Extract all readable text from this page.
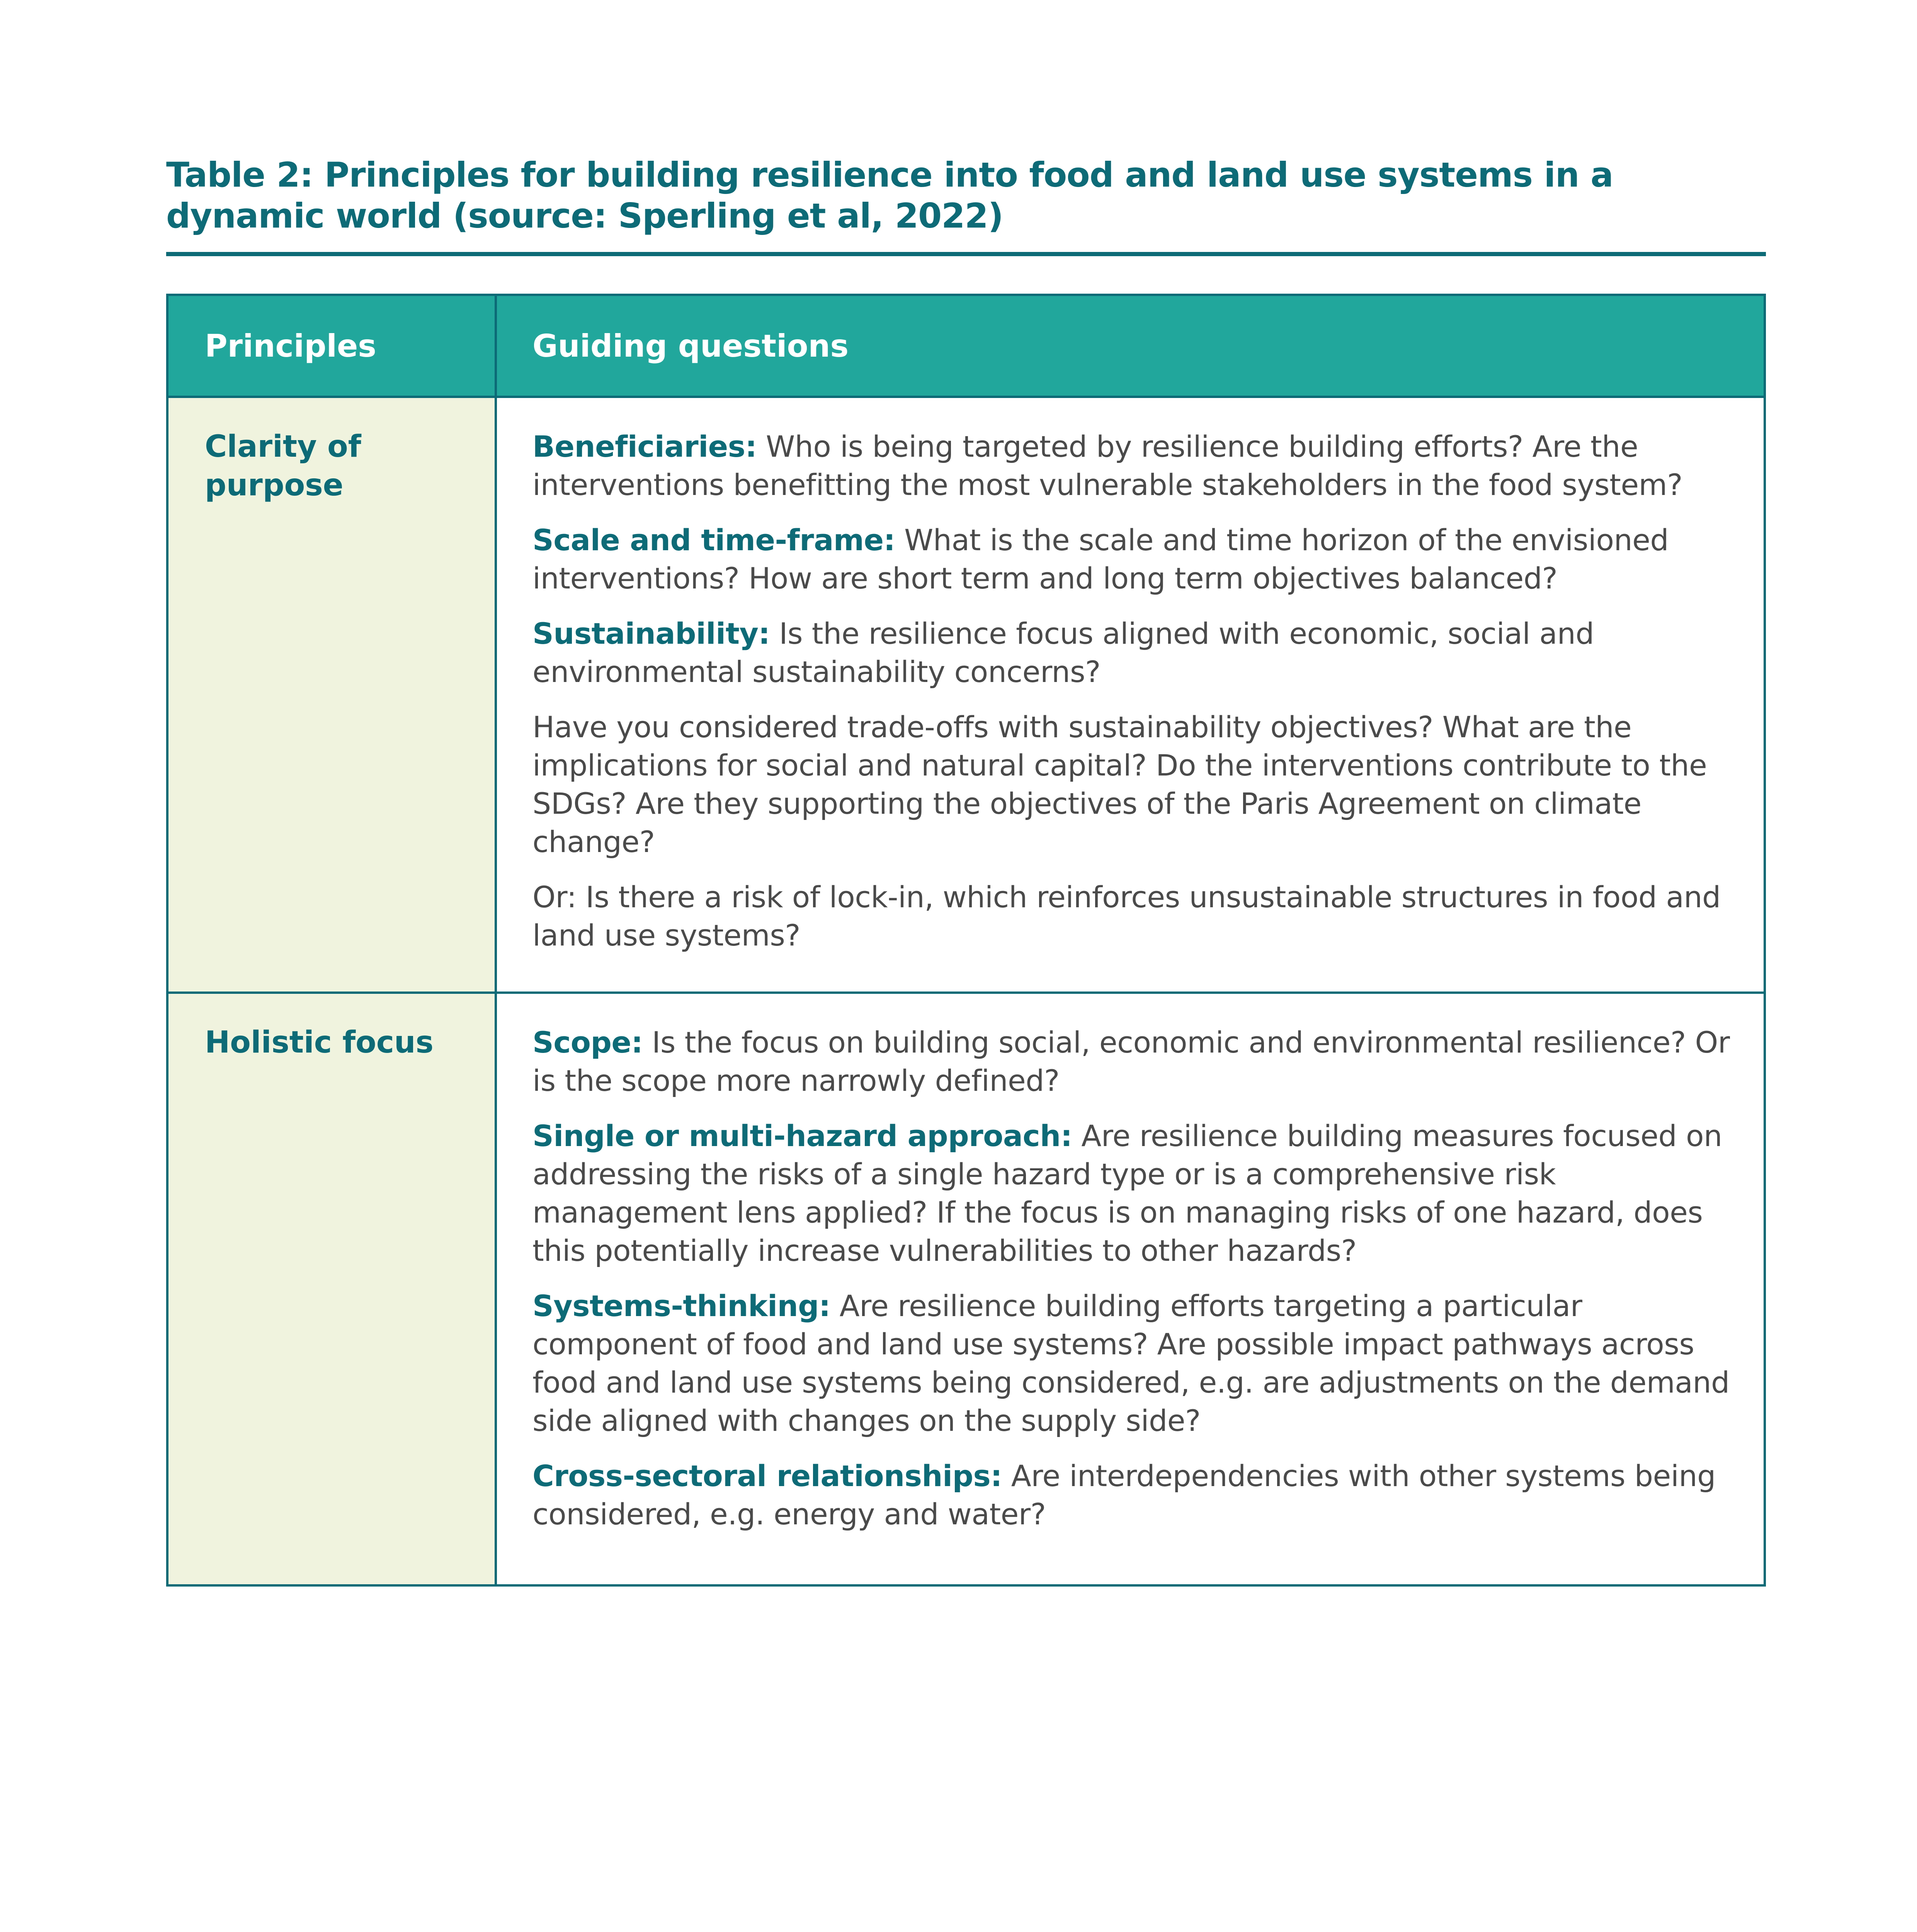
Table 2: Principles for building resilience into food and land use systems in a dynamic world (source: Sperling et al, 2022)
Principles	Guiding questions
Clarity of purpose

Beneficiaries: Who is being targeted by resilience building efforts? Are the interventions benefitting the most vulnerable stakeholders in the food system?

Scale and time-frame: What is the scale and time horizon of the envisioned interventions? How are short term and long term objectives balanced?

Sustainability: Is the resilience focus aligned with economic, social and environmental sustainability concerns?

Have you considered trade-offs with sustainability objectives? What are the implications for social and natural capital? Do the interventions contribute to the SDGs? Are they supporting the objectives of the Paris Agreement on climate change?

Or: Is there a risk of lock-in, which reinforces unsustainable structures in food and land use systems?

Holistic focus	Scope: Is the focus on building social, economic and environmental resilience? Or is the scope more narrowly defined?

Single or multi-hazard approach: Are resilience building measures focused on addressing the risks of a single hazard type or is a comprehensive risk management lens applied? If the focus is on managing risks of one hazard, does this potentially increase vulnerabilities to other hazards?

Systems-thinking: Are resilience building efforts targeting a particular component of food and land use systems? Are possible impact pathways across food and land use systems being considered, e.g. are adjustments on the demand side aligned with changes on the supply side?

Cross-sectoral relationships: Are interdependencies with other systems being considered, e.g. energy and water?
